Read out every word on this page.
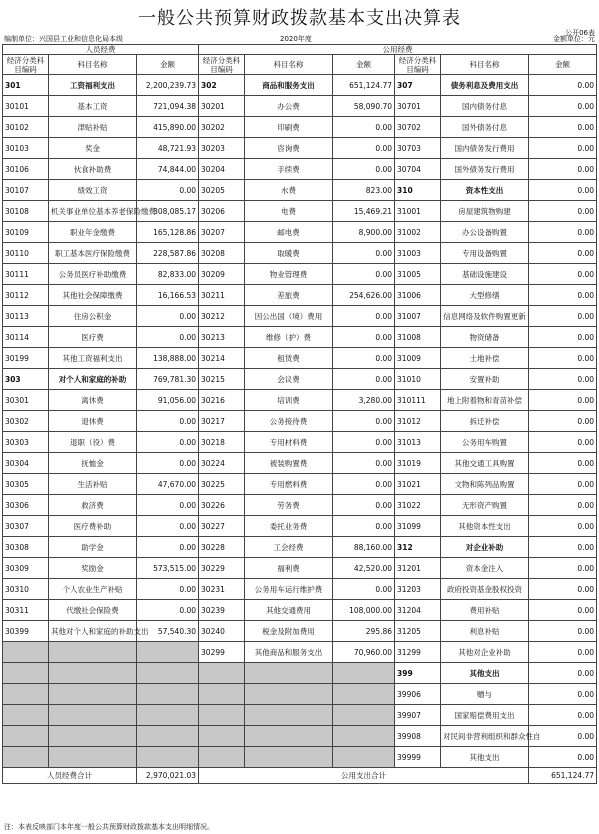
一般公共预算财政拨款基本支出决算表
公开06表
编制单位：兴国县工业和信息化局本级	2020年度	金额单位：元
人员经费			公用经费					
经济分类科目编码	科目名称	金额	经济分类科目编码	科目名称	金额	经济分类科目编码	科目名称	金额
301	工资福利支出	2,200,239.73	302	商品和服务支出	651,124.77	307	债务利息及费用支出	0.00
30101	基本工资	721,094.38	30201	办公费	58,090.70	30701	国内债务付息	0.00
30102	津贴补贴	415,890.00	30202	印刷费	0.00	30702	国外债务付息	0.00
30103	奖金	48,721.93	30203	咨询费	0.00	30703	国内债务发行费用	0.00
30106	伙食补助费	74,844.00	30204	手续费	0.00	30704	国外债务发行费用	0.00
30107	绩效工资	0.00	30205	水费	823.00	310	资本性支出	0.00
30108	机关事业单位基本养老保险缴费	308,085.17	30206	电费	15,469.21	31001	房屋建筑物购建	0.00
30109	职业年金缴费	165,128.86	30207	邮电费	8,900.00	31002	办公设备购置	0.00
30110	职工基本医疗保险缴费	228,587.86	30208	取暖费	0.00	31003	专用设备购置	0.00
30111	公务员医疗补助缴费	82,833.00	30209	物业管理费	0.00	31005	基础设施建设	0.00
30112	其他社会保障缴费	16,166.53	30211	差旅费	254,626.00	31006	大型修缮	0.00
30113	住房公积金	0.00	30212	因公出国（境）费用	0.00	31007	信息网络及软件购置更新	0.00
30114	医疗费	0.00	30213	维修（护）费	0.00	31008	物资储备	0.00
30199	其他工资福利支出	138,888.00	30214	租赁费	0.00	31009	土地补偿	0.00
303	对个人和家庭的补助	769,781.30	30215	会议费	0.00	31010	安置补助	0.00
30301	离休费	91,056.00	30216	培训费	3,280.00	310111	地上附着物和青苗补偿	0.00
30302	退休费	0.00	30217	公务接待费	0.00	31012	拆迁补偿	0.00
30303	退职（役）费	0.00	30218	专用材料费	0.00	31013	公务用车购置	0.00
30304	抚恤金	0.00	30224	被装购置费	0.00	31019	其他交通工具购置	0.00
30305	生活补贴	47,670.00	30225	专用燃料费	0.00	31021	文物和陈列品购置	0.00
30306	救济费	0.00	30226	劳务费	0.00	31022	无形资产购置	0.00
30307	医疗费补助	0.00	30227	委托业务费	0.00	31099	其他资本性支出	0.00
30308	助学金	0.00	30228	工会经费	88,160.00	312	对企业补助	0.00
30309	奖励金	573,515.00	30229	福利费	42,520.00	31201	资本金注入	0.00
30310	个人农业生产补贴	0.00	30231	公务用车运行维护费	0.00	31203	政府投资基金股权投资	0.00
30311	代缴社会保险费	0.00	30239	其他交通费用	108,000.00	31204	费用补贴	0.00
30399	其他对个人和家庭的补助支出	57,540.30	30240	税金及附加费用	295.86	31205	利息补贴	0.00
			30299	其他商品和服务支出	70,960.00	31299	其他对企业补助	0.00
						399	其他支出	0.00
						39906	赠与	0.00
						39907	国家赔偿费用支出	0.00
						39908	对民间非营利组织和群众性自	0.00
						39999	其他支出	0.00
人员经费合计		2,970,021.03	公用支出合计					651,124.77
注：本表反映部门本年度一般公共预算财政拨款基本支出明细情况。
